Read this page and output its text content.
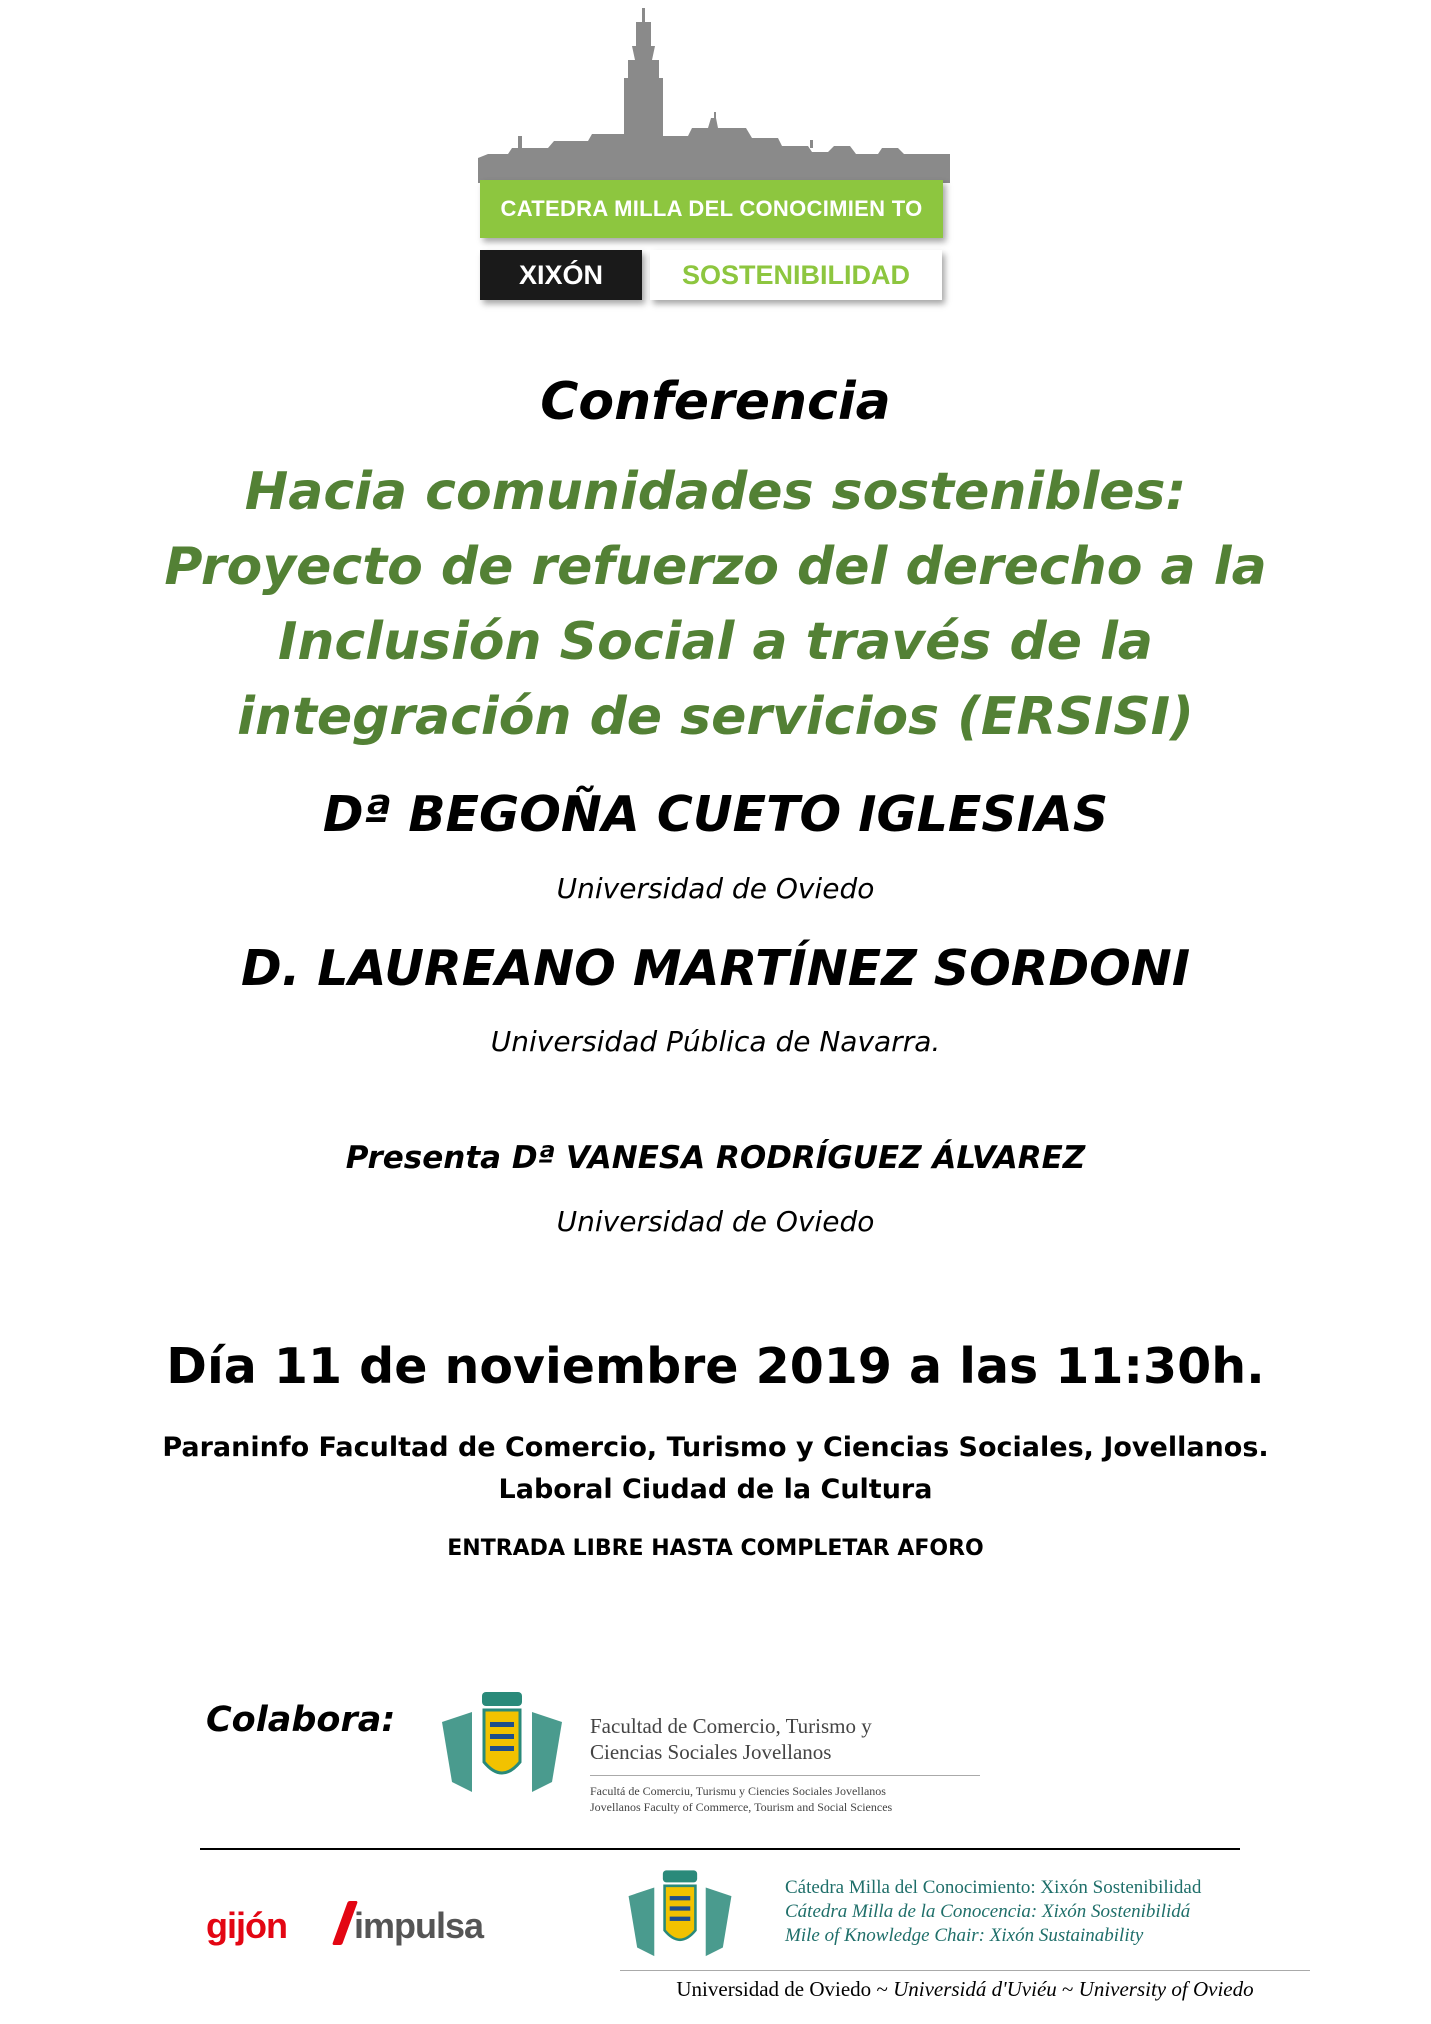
CATEDRA MILLA DEL CONOCIMIEN TO
XIXÓN	SOSTENIBILIDAD

Conferencia

Hacia comunidades sostenibles:

Proyecto de refuerzo del derecho a la

Inclusión Social a través de la

integración de servicios (ERSISI)

Dª BEGOÑA CUETO IGLESIAS

Universidad de Oviedo

D. LAUREANO MARTÍNEZ SORDONI

Universidad Pública de Navarra.

Presenta Dª VANESA RODRÍGUEZ ÁLVAREZ

Universidad de Oviedo

Día 11 de noviembre 2019 a las 11:30h.

Paraninfo Facultad de Comercio, Turismo y Ciencias Sociales, Jovellanos.

Laboral Ciudad de la Cultura

ENTRADA LIBRE HASTA COMPLETAR AFORO

Colabora:	Facultad de Comercio, Turismo y

Ciencias Sociales Jovellanos

Facultá de Comerciu, Turismu y Ciencies Sociales Jovellanos

Jovellanos Faculty of Commerce, Tourism and Social Sciences

gijón impulsa

Cátedra Milla del Conocimiento: Xixón Sostenibilidad

Cátedra Milla de la Conocencia: Xixón Sostenibilidá

Mile of Knowledge Chair: Xixón Sustainability

Universidad de Oviedo ~ Universidá d'Uviéu ~ University of Oviedo
